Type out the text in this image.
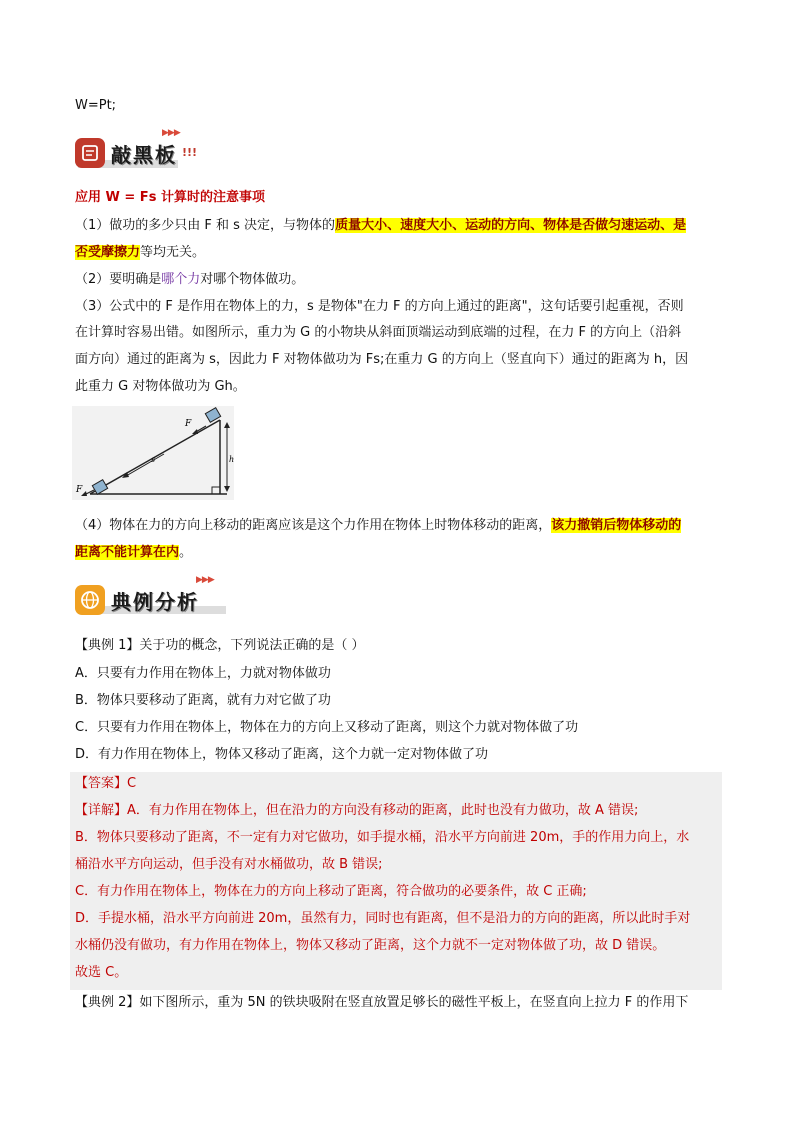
W=Pt;
敲黑板 !!!
▶▶▶
应用 W = Fs 计算时的注意事项
（1）做功的多少只由 F 和 s 决定，与物体的质量大小、速度大小、运动的方向、物体是否做匀速运动、是
否受摩擦力等均无关。
（2）要明确是哪个力对哪个物体做功。
（3）公式中的 F 是作用在物体上的力，s 是物体"在力 F 的方向上通过的距离"，这句话要引起重视，否则
在计算时容易出错。如图所示，重力为 G 的小物块从斜面顶端运动到底端的过程，在力 F 的方向上（沿斜
面方向）通过的距离为 s，因此力 F 对物体做功为 Fs;在重力 G 的方向上（竖直向下）通过的距离为 h，因
此重力 G 对物体做功为 Gh。
F
F
s	h
（4）物体在力的方向上移动的距离应该是这个力作用在物体上时物体移动的距离，该力撤销后物体移动的
距离不能计算在内。
典例分析
▶▶▶
【典例 1】关于功的概念，下列说法正确的是（ ）
A．只要有力作用在物体上，力就对物体做功
B．物体只要移动了距离，就有力对它做了功
C．只要有力作用在物体上，物体在力的方向上又移动了距离，则这个力就对物体做了功
D．有力作用在物体上，物体又移动了距离，这个力就一定对物体做了功
【答案】C
【详解】A．有力作用在物体上，但在沿力的方向没有移动的距离，此时也没有力做功，故 A 错误;
B．物体只要移动了距离，不一定有力对它做功，如手提水桶，沿水平方向前进 20m，手的作用力向上，水
桶沿水平方向运动，但手没有对水桶做功，故 B 错误;
C．有力作用在物体上，物体在力的方向上移动了距离，符合做功的必要条件，故 C 正确;
D．手提水桶，沿水平方向前进 20m，虽然有力，同时也有距离，但不是沿力的方向的距离，所以此时手对
水桶仍没有做功，有力作用在物体上，物体又移动了距离，这个力就不一定对物体做了功，故 D 错误。
故选 C。
【典例 2】如下图所示，重为 5N 的铁块吸附在竖直放置足够长的磁性平板上，在竖直向上拉力 F 的作用下
